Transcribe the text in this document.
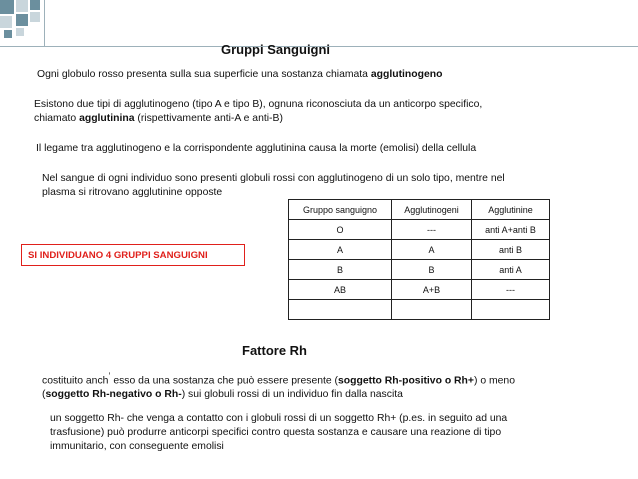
Gruppi Sanguigni
Ogni globulo rosso presenta sulla sua superficie una sostanza chiamata agglutinogeno
Esistono due tipi di agglutinogeno (tipo A e tipo B), ognuna riconosciuta da un anticorpo specifico,
chiamato agglutinina (rispettivamente anti-A e anti-B)
Il legame tra agglutinogeno e la corrispondente agglutinina causa la morte (emolisi) della cellula
Nel sangue di ogni individuo sono presenti globuli rossi con agglutinogeno di un solo tipo, mentre nel
plasma si ritrovano agglutinine opposte
Gruppo sanguigno	Agglutinogeni	Agglutinine
O	---	anti A+anti B
A	A	anti B
B	B	anti A
AB	A+B	---

SI INDIVIDUANO 4 GRUPPI SANGUIGNI
Fattore Rh
costituito anch’ esso da una sostanza che può essere presente (soggetto Rh-positivo o Rh+) o meno
(soggetto Rh-negativo o Rh-) sui globuli rossi di un individuo fin dalla nascita
un soggetto Rh- che venga a contatto con i globuli rossi di un soggetto Rh+ (p.es. in seguito ad una
trasfusione) può produrre anticorpi specifici contro questa sostanza e causare una reazione di tipo
immunitario, con conseguente emolisi
